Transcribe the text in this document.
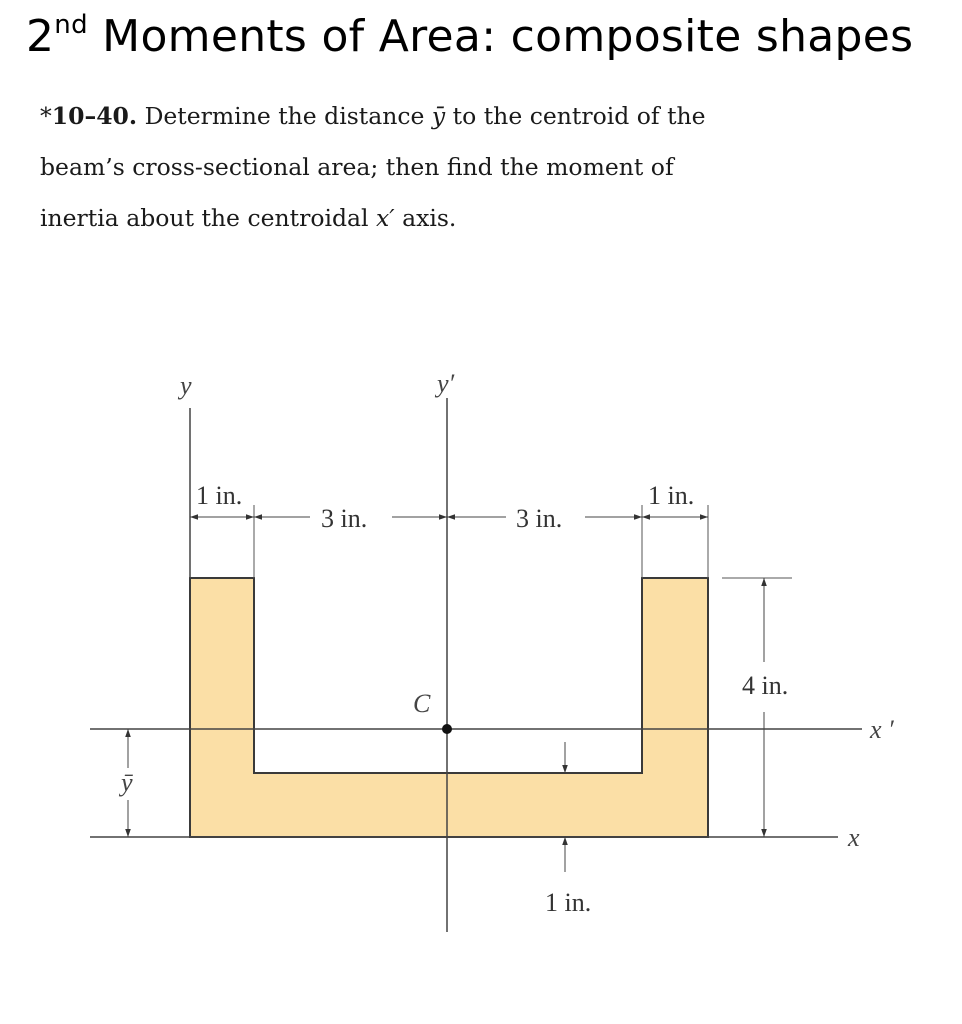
2nd Moments of Area: composite shapes
*10–40. Determine the distance ȳ to the centroid of the
beam’s cross-sectional area; then find the moment of
inertia about the centroidal x′ axis.
y	y′
1 in.
3 in.	3 in.
1 in.
4 in.
C
x ′
x
ȳ
1 in.
